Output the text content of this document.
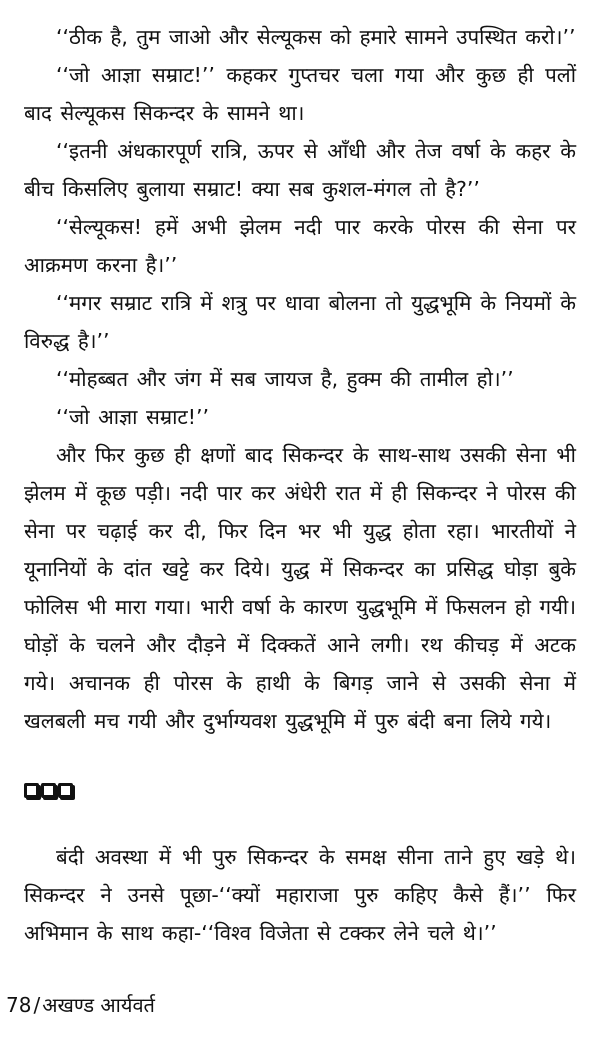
‘‘ठीक है, तुम जाओ और सेल्यूकस को हमारे सामने उपस्थित करो।’’

‘‘जो आज्ञा सम्राट!’’ कहकर गुप्तचर चला गया और कुछ ही पलों बाद सेल्यूकस सिकन्दर के सामने था।

‘‘इतनी अंधकारपूर्ण रात्रि, ऊपर से आँधी और तेज वर्षा के कहर के बीच किसलिए बुलाया सम्राट! क्या सब कुशल-मंगल तो है?’’

‘‘सेल्यूकस! हमें अभी झेलम नदी पार करके पोरस की सेना पर आक्रमण करना है।’’

‘‘मगर सम्राट रात्रि में शत्रु पर धावा बोलना तो युद्धभूमि के नियमों के विरुद्ध है।’’

‘‘मोहब्बत और जंग में सब जायज है, हुक्म की तामील हो।’’

‘‘जो आज्ञा सम्राट!’’

और फिर कुछ ही क्षणों बाद सिकन्दर के साथ-साथ उसकी सेना भी झेलम में कूछ पड़ी। नदी पार कर अंधेरी रात में ही सिकन्दर ने पोरस की सेना पर चढ़ाई कर दी, फिर दिन भर भी युद्ध होता रहा। भारतीयों ने यूनानियों के दांत खट्टे कर दिये। युद्ध में सिकन्दर का प्रसिद्ध घोड़ा बुके फोलिस भी मारा गया। भारी वर्षा के कारण युद्धभूमि में फिसलन हो गयी। घोड़ों के चलने और दौड़ने में दिक्कतें आने लगी। रथ कीचड़ में अटक गये। अचानक ही पोरस के हाथी के बिगड़ जाने से उसकी सेना में खलबली मच गयी और दुर्भाग्यवश युद्धभूमि में पुरु बंदी बना लिये गये।

बंदी अवस्था में भी पुरु सिकन्दर के समक्ष सीना ताने हुए खड़े थे। सिकन्दर ने उनसे पूछा-‘‘क्यों महाराजा पुरु कहिए कैसे हैं।’’ फिर अभिमान के साथ कहा-‘‘विश्व विजेता से टक्कर लेने चले थे।’’

78 / अखण्ड आर्यवर्त
